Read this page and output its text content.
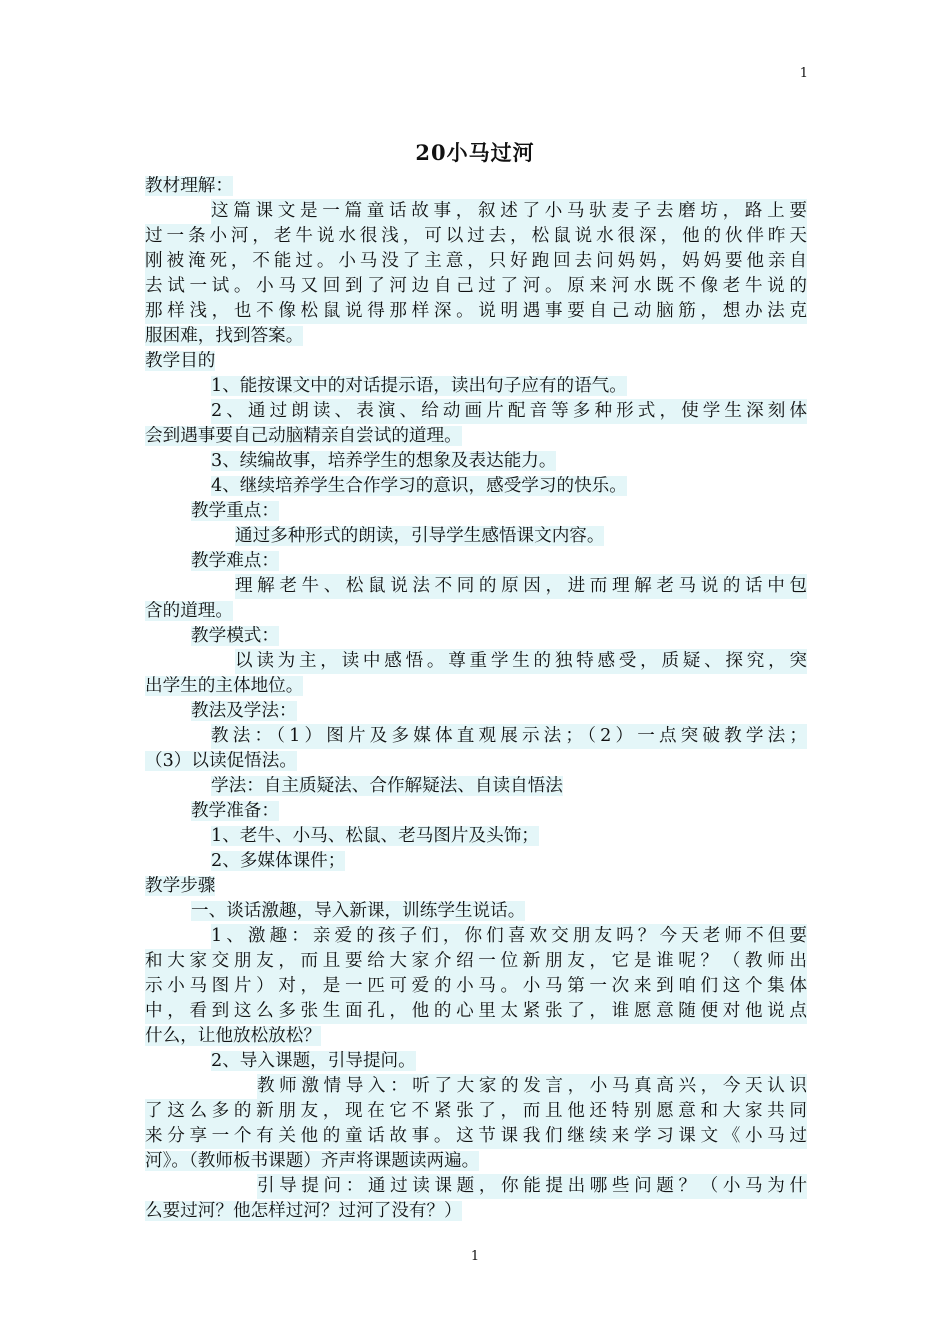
1
20小马过河
教材理解：
这篇课文是一篇童话故事，叙述了小马驮麦子去磨坊，路上要
过一条小河，老牛说水很浅，可以过去，松鼠说水很深，他的伙伴昨天
刚被淹死，不能过。小马没了主意，只好跑回去问妈妈，妈妈要他亲自
去试一试。小马又回到了河边自己过了河。原来河水既不像老牛说的
那样浅，也不像松鼠说得那样深。说明遇事要自己动脑筋，想办法克
服困难，找到答案。
教学目的
1、能按课文中的对话提示语，读出句子应有的语气。
2、通过朗读、表演、给动画片配音等多种形式，使学生深刻体
会到遇事要自己动脑精亲自尝试的道理。
3、续编故事，培养学生的想象及表达能力。
4、继续培养学生合作学习的意识，感受学习的快乐。
教学重点：
通过多种形式的朗读，引导学生感悟课文内容。
教学难点：
理解老牛、松鼠说法不同的原因，进而理解老马说的话中包
含的道理。
教学模式：
以读为主，读中感悟。尊重学生的独特感受，质疑、探究，突
出学生的主体地位。
教法及学法：
教法：（1）图片及多媒体直观展示法；（2）一点突破教学法；
（3）以读促悟法。
学法：自主质疑法、合作解疑法、自读自悟法
教学准备：
1、老牛、小马、松鼠、老马图片及头饰；
2、多媒体课件；
教学步骤
一、谈话激趣，导入新课，训练学生说话。
1、激趣：亲爱的孩子们，你们喜欢交朋友吗？今天老师不但要
和大家交朋友，而且要给大家介绍一位新朋友，它是谁呢？（教师出
示小马图片）对，是一匹可爱的小马。小马第一次来到咱们这个集体
中，看到这么多张生面孔，他的心里太紧张了，谁愿意随便对他说点
什么，让他放松放松？
2、导入课题，引导提问。
教师激情导入：听了大家的发言，小马真高兴，今天认识
了这么多的新朋友，现在它不紧张了，而且他还特别愿意和大家共同
来分享一个有关他的童话故事。这节课我们继续来学习课文《小马过
河》。（教师板书课题）齐声将课题读两遍。
引导提问：通过读课题，你能提出哪些问题？（小马为什
么要过河？他怎样过河？过河了没有？）
1
